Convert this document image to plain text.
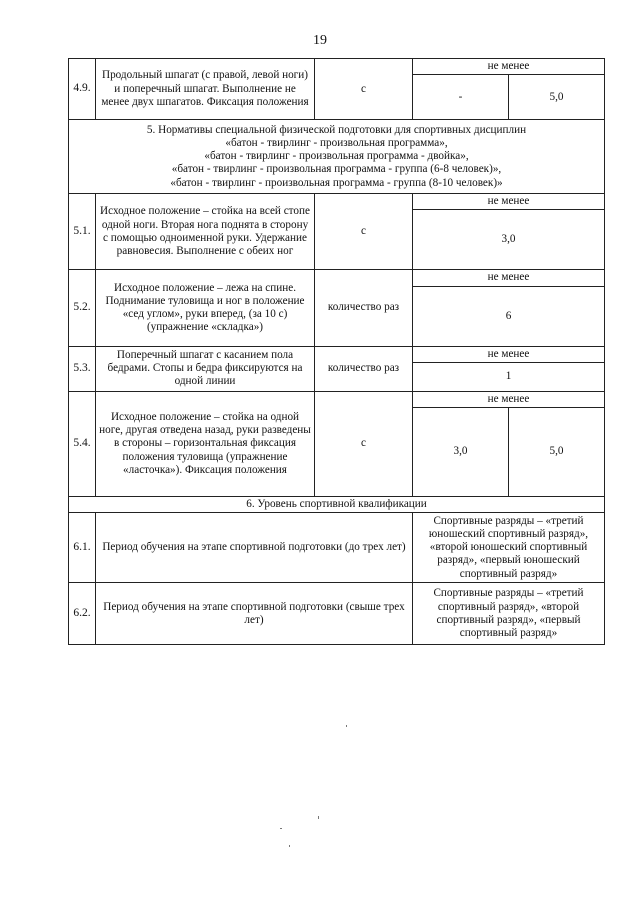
19
4.9.	Продольный шпагат (с правой, левой ноги) и поперечный шпагат. Выполнение не менее двух шпагатов. Фиксация положения	с	не менее	
			-	5,0

5. Нормативы специальной физической подготовки для спортивных дисциплин
«батон - твирлинг - произвольная программа»,
«батон - твирлинг - произвольная программа - двойка»,
«батон - твирлинг - произвольная программа - группа (6-8 человек)»,
«батон - твирлинг - произвольная программа - группа (8-10 человек)»				

5.1.	Исходное положение – стойка на всей стопе одной ноги. Вторая нога поднята в сторону с помощью одноименной руки. Удержание равновесия. Выполнение с обеих ног	с	не менее	
			3,0	
5.2.	Исходное положение – лежа на спине. Поднимание туловища и ног в положение «сед углом», руки вперед, (за 10 с) (упражнение «складка»)	количество раз	не менее	
			6	
5.3.	Поперечный шпагат с касанием пола бедрами. Стопы и бедра фиксируются на одной линии	количество раз	не менее	
			1	
5.4.	Исходное положение – стойка на одной ноге, другая отведена назад, руки разведены в стороны – горизонтальная фиксация положения туловища (упражнение «ласточка»). Фиксация положения	с	не менее	
			3,0	5,0
6. Уровень спортивной квалификации				
6.1.	Период обучения на этапе спортивной подготовки (до трех лет)		Спортивные разряды – «третий юношеский спортивный разряд», «второй юношеский спортивный разряд», «первый юношеский спортивный разряд»	
6.2.	Период обучения на этапе спортивной подготовки (свыше трех лет)		Спортивные разряды – «третий спортивный разряд», «второй спортивный разряд», «первый спортивный разряд»	
